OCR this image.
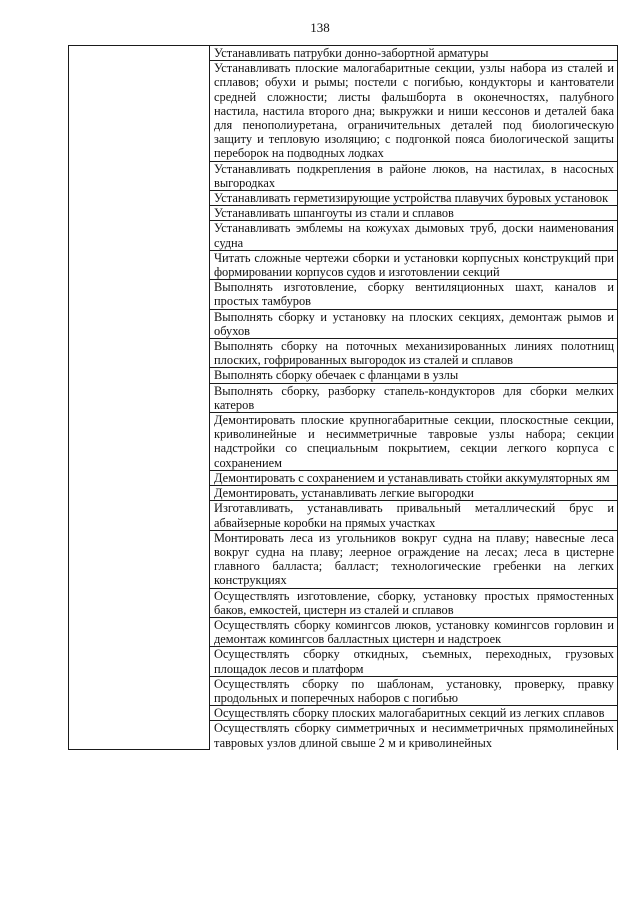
138
	Устанавливать патрубки донно-забортной арматуры
Устанавливать плоские малогабаритные секции, узлы набора из сталей и сплавов; обухи и рымы; постели с погибью, кондукторы и кантователи средней сложности; листы фальшборта в оконечностях, палубного настила, настила второго дна; выкружки и ниши кессонов и деталей бака для пенополиуретана, ограничительных деталей под биологическую защиту и тепловую изоляцию; с подгонкой пояса биологической защиты переборок на подводных лодках
Устанавливать подкрепления в районе люков, на настилах, в насосных выгородках
Устанавливать герметизирующие устройства плавучих буровых установок
Устанавливать шпангоуты из стали и сплавов
Устанавливать эмблемы на кожухах дымовых труб, доски наименования судна
Читать сложные чертежи сборки и установки корпусных конструкций при формировании корпусов судов и изготовлении секций
Выполнять изготовление, сборку вентиляционных шахт, каналов и простых тамбуров
Выполнять сборку и установку на плоских секциях, демонтаж рымов и обухов
Выполнять сборку на поточных механизированных линиях полотнищ плоских, гофрированных выгородок из сталей и сплавов
Выполнять сборку обечаек с фланцами в узлы
Выполнять сборку, разборку стапель-кондукторов для сборки мелких катеров
Демонтировать плоские крупногабаритные секции, плоскостные секции, криволинейные и несимметричные тавровые узлы набора; секции надстройки со специальным покрытием, секции легкого корпуса с сохранением
Демонтировать с сохранением и устанавливать стойки аккумуляторных ям
Демонтировать, устанавливать легкие выгородки
Изготавливать, устанавливать привальный металлический брус и абвайзерные коробки на прямых участках
Монтировать леса из угольников вокруг судна на плаву; навесные леса вокруг судна на плаву; леерное ограждение на лесах; леса в цистерне главного балласта; балласт; технологические гребенки на легких конструкциях
Осуществлять изготовление, сборку, установку простых прямостенных баков, емкостей, цистерн из сталей и сплавов
Осуществлять сборку комингсов люков, установку комингсов горловин и демонтаж комингсов балластных цистерн и надстроек
Осуществлять сборку откидных, съемных, переходных, грузовых площадок лесов и платформ
Осуществлять сборку по шаблонам, установку, проверку, правку продольных и поперечных наборов с погибью
Осуществлять сборку плоских малогабаритных секций из легких сплавов
Осуществлять сборку симметричных и несимметричных прямолинейных тавровых узлов длиной свыше 2 м и криволинейных
